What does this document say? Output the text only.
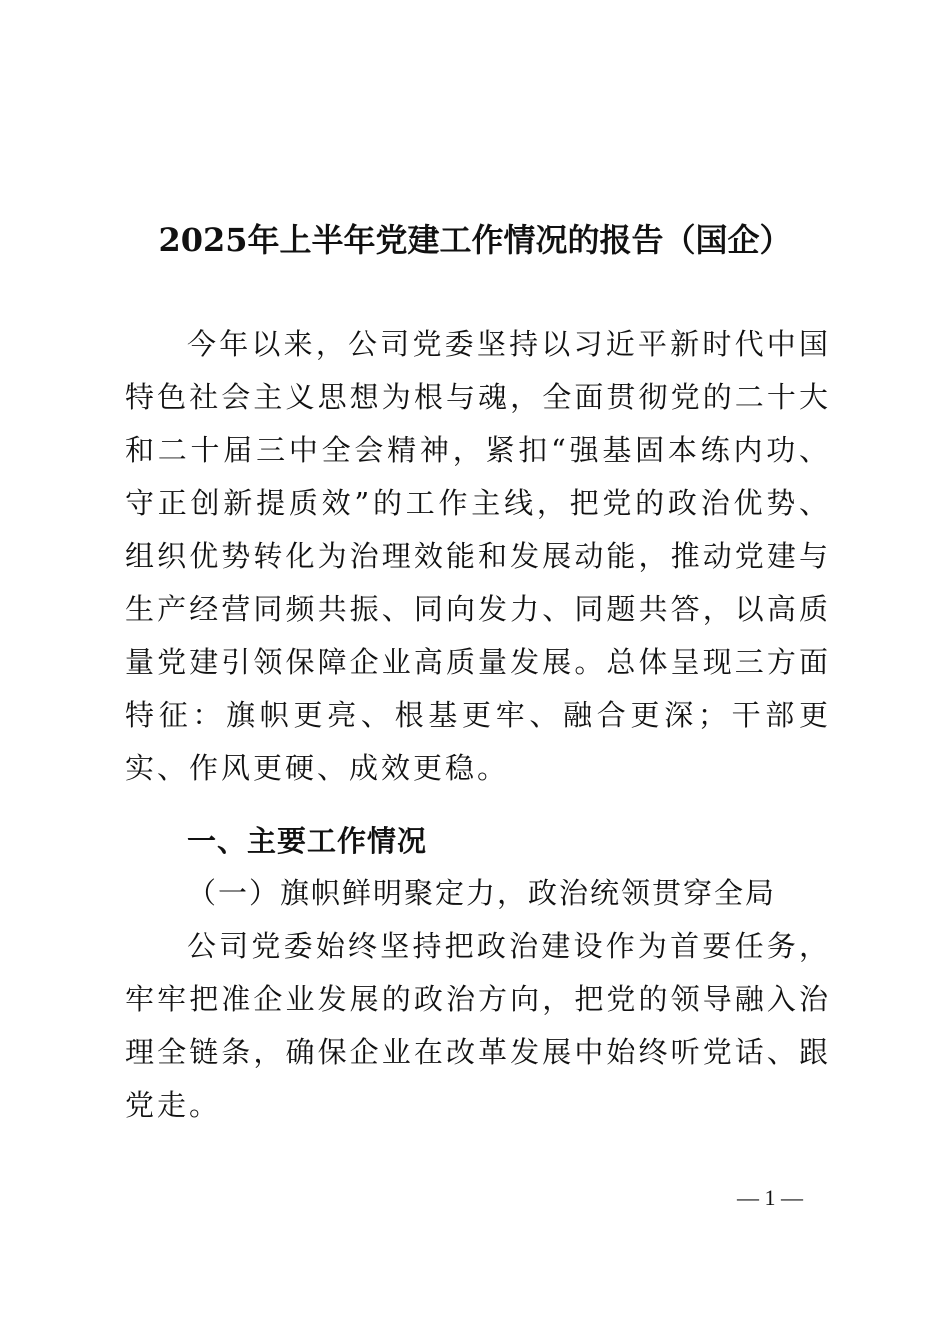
2025年上半年党建工作情况的报告（国企）

今年以来，公司党委坚持以习近平新时代中国特色社会主义思想为根与魂，全面贯彻党的二十大和二十届三中全会精神，紧扣“强基固本练内功、守正创新提质效”的工作主线，把党的政治优势、组织优势转化为治理效能和发展动能，推动党建与生产经营同频共振、同向发力、同题共答，以高质量党建引领保障企业高质量发展。总体呈现三方面特征：旗帜更亮、根基更牢、融合更深；干部更实、作风更硬、成效更稳。

一、主要工作情况

（一）旗帜鲜明聚定力，政治统领贯穿全局

公司党委始终坚持把政治建设作为首要任务，牢牢把准企业发展的政治方向，把党的领导融入治理全链条，确保企业在改革发展中始终听党话、跟党走。

— 1 —
